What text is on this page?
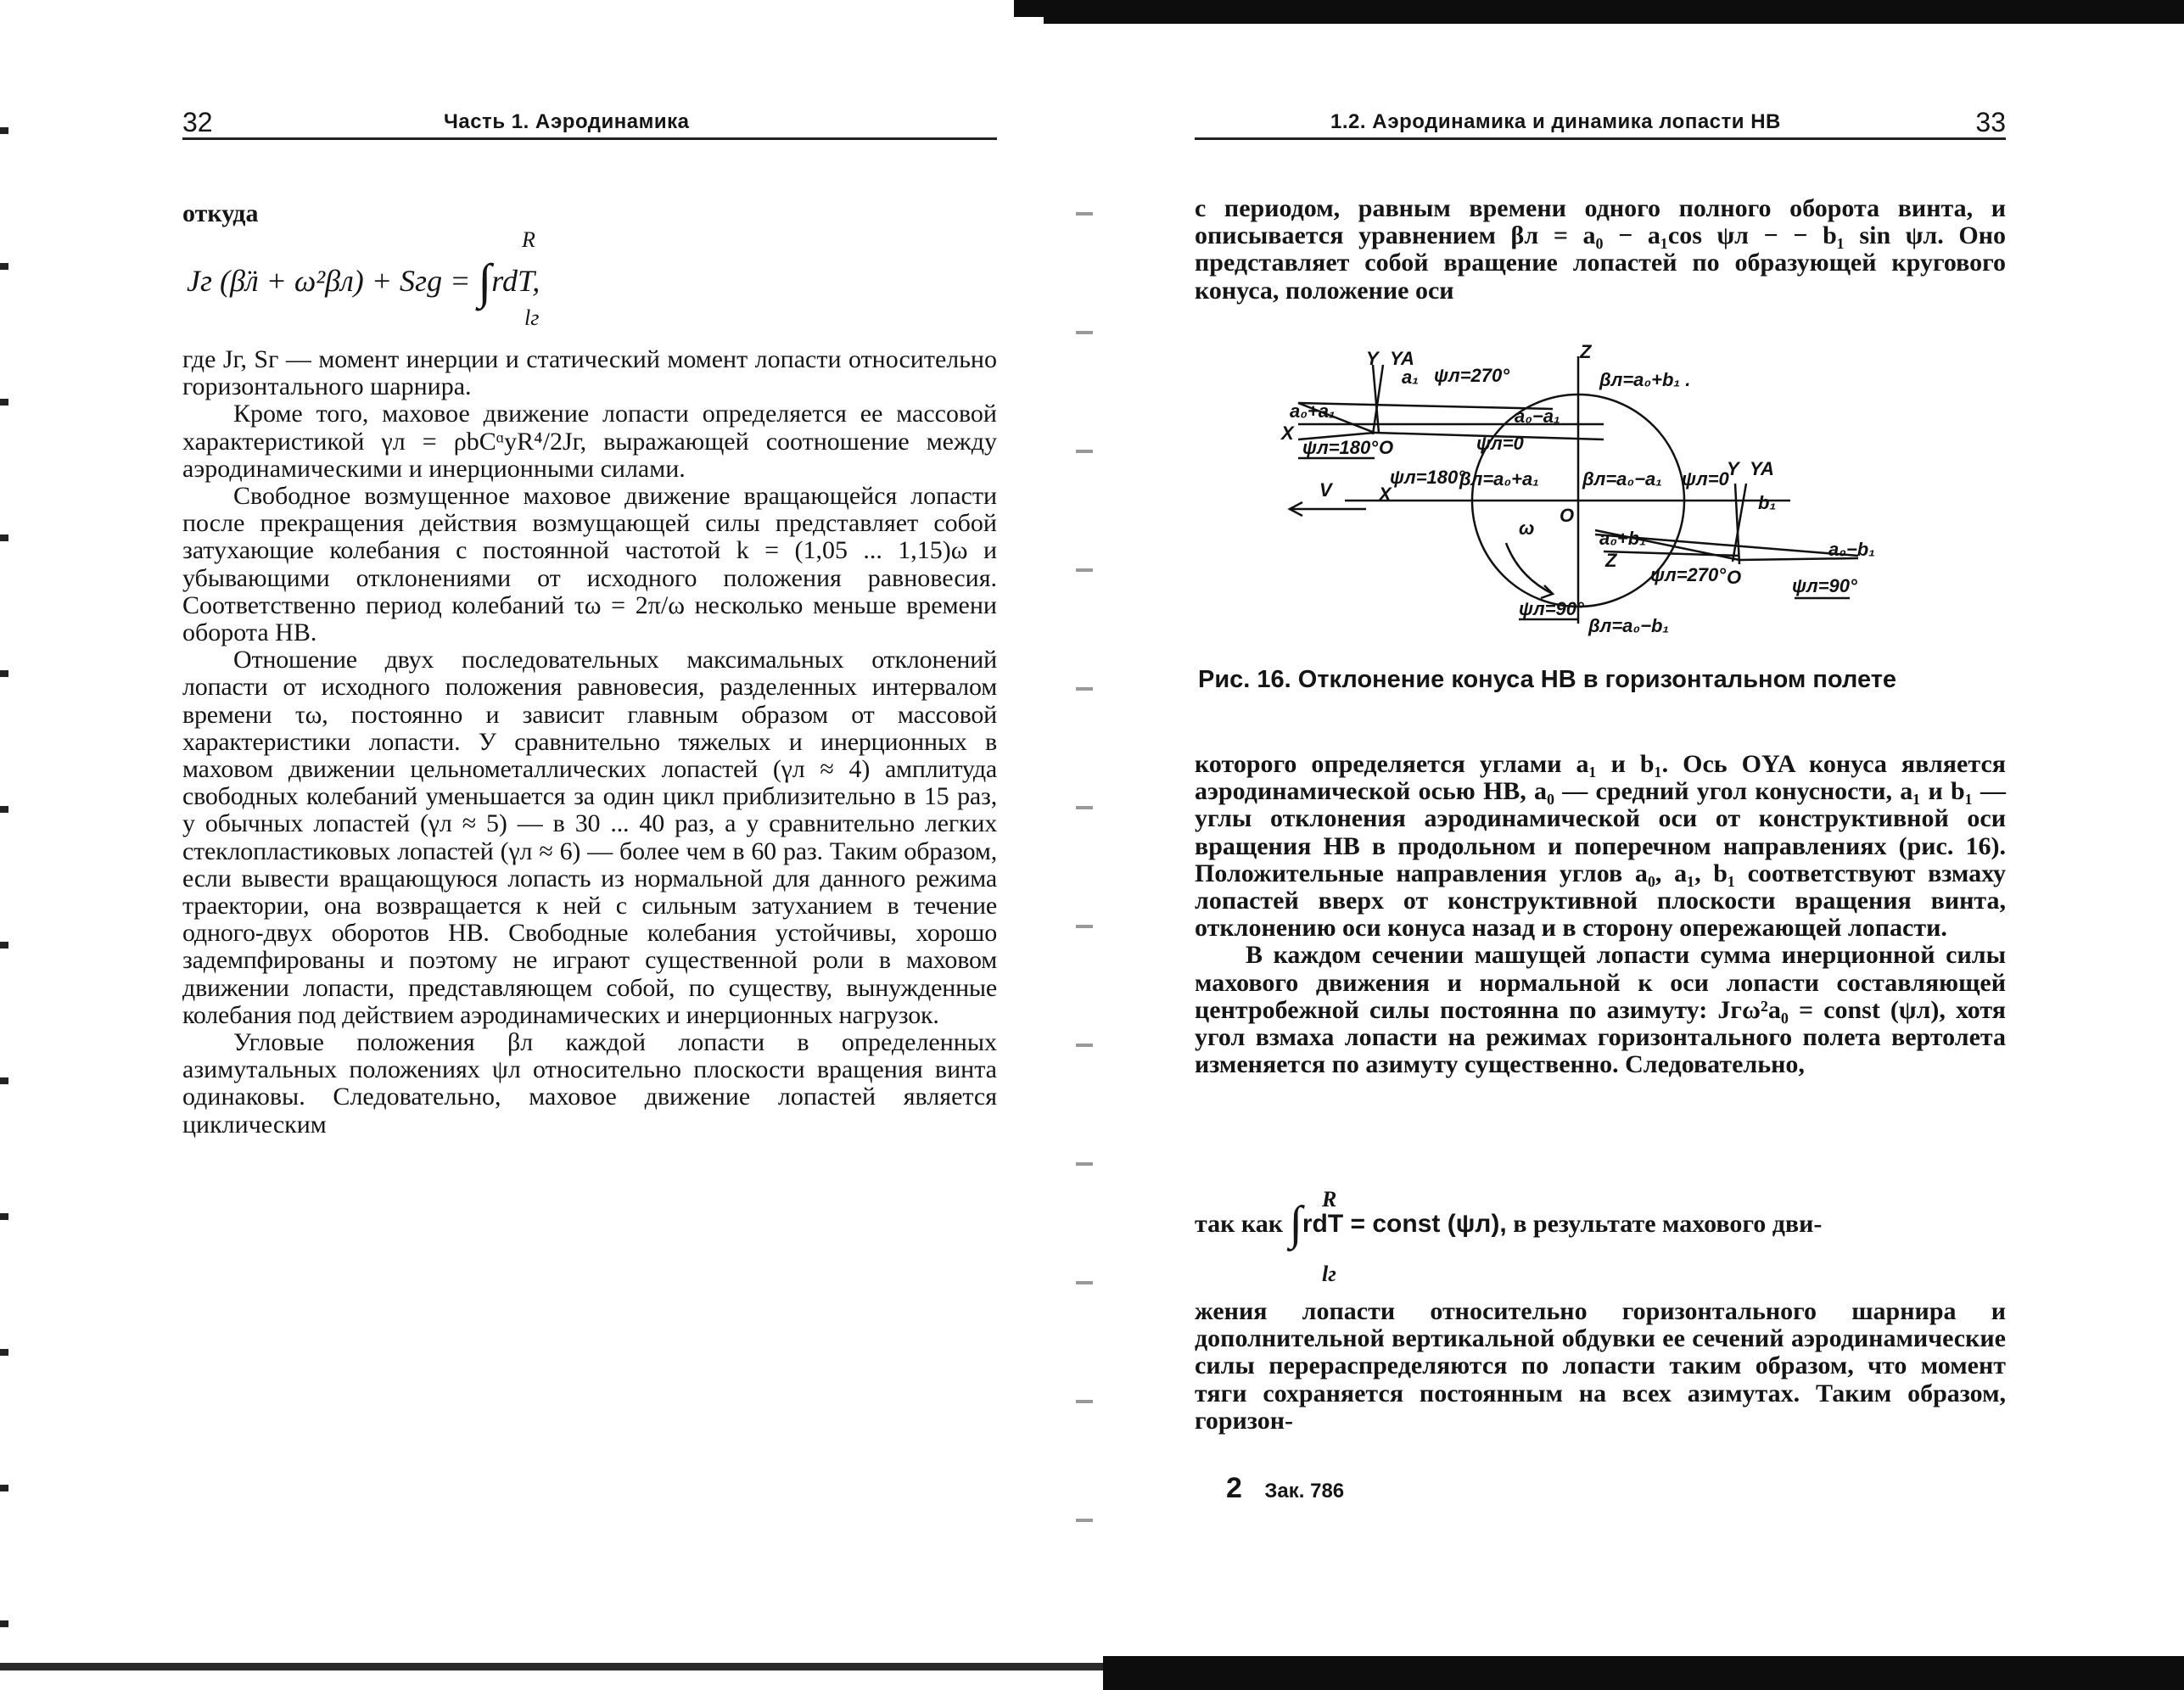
32	Часть 1. Аэродинамика

откуда

Jг (β̈л + ω²βл) + Sгg = ∫rdT,
R
lг

где Jг, Sг — момент инерции и статический момент лопасти относительно горизонтального шарнира.

Кроме того, маховое движение лопасти определяется ее массовой характеристикой γл = ρbCᵅyR⁴/2Jг, выражающей соотношение между аэродинамическими и инерционными силами.

Свободное возмущенное маховое движение вращающейся лопасти после прекращения действия возмущающей силы представляет собой затухающие колебания с постоянной частотой k = (1,05 ... 1,15)ω и убывающими отклонениями от исходного положения равновесия. Соответственно период колебаний τω = 2π/ω несколько меньше времени оборота НВ.

Отношение двух последовательных максимальных отклонений лопасти от исходного положения равновесия, разделенных интервалом времени τω, постоянно и зависит главным образом от массовой характеристики лопасти. У сравнительно тяжелых и инерционных в маховом движении цельнометаллических лопастей (γл ≈ 4) амплитуда свободных колебаний уменьшается за один цикл приблизительно в 15 раз, у обычных лопастей (γл ≈ 5) — в 30 ... 40 раз, а у сравнительно легких стеклопластиковых лопастей (γл ≈ 6) — более чем в 60 раз. Таким образом, если вывести вращающуюся лопасть из нормальной для данного режима траектории, она возвращается к ней с сильным затуханием в течение одного-двух оборотов НВ. Свободные колебания устойчивы, хорошо задемпфированы и поэтому не играют существенной роли в маховом движении лопасти, представляющем собой, по существу, вынужденные колебания под действием аэродинамических и инерционных нагрузок.

Угловые положения βл каждой лопасти в определенных азимутальных положениях ψл относительно плоскости вращения винта одинаковы. Следовательно, маховое движение лопастей является циклическим

1.2. Аэродинамика и динамика лопасти НВ	33

с периодом, равным времени одного полного оборота винта, и описывается уравнением βл = a₀ − a₁cos ψл − − b₁ sin ψл. Оно представляет собой вращение лопастей по образующей кругового конуса, положение оси

которого определяется углами a₁ и b₁. Ось OYA конуса является аэродинамической осью НВ, a₀ — средний угол конусности, a₁ и b₁ — углы отклонения аэродинамической оси от конструктивной оси вращения НВ в продольном и поперечном направлениях (рис. 16). Положительные направления углов a₀, a₁, b₁ соответствуют взмаху лопастей вверх от конструктивной плоскости вращения винта, отклонению оси конуса назад и в сторону опережающей лопасти.

В каждом сечении машущей лопасти сумма инерционной силы махового движения и нормальной к оси лопасти составляющей центробежной силы постоянна по азимуту: Jгω²a₀ = const (ψл), хотя угол взмаха лопасти на режимах горизонтального полета вертолета изменяется по азимуту существенно. Следовательно,

так как ∫rdT = const (ψл), в результате махового дви-
R
lг

жения лопасти относительно горизонтального шарнира и дополнительной вертикальной обдувки ее сечений аэродинамические силы перераспределяются по лопасти таким образом, что момент тяги сохраняется постоянным на всех азимутах. Таким образом, горизон-

Y YA
a₁ ψл=270°
Z
βл=a₀+b₁ .
a₀+a₁
X
ψл=180° O
a₀−a₁
ψл=0
V	X
ψл=180°
βл=a₀+a₁ βл=a₀−a₁ ψл=0
Y YA
b₁
ω
O
a₀+b₁
Z
ψл=270° O
a₀−b₁
ψл=90°
ψл=90°
βл=a₀−b₁
Рис. 16. Отклонение конуса НВ в горизонтальном полете
2 Зак. 786
